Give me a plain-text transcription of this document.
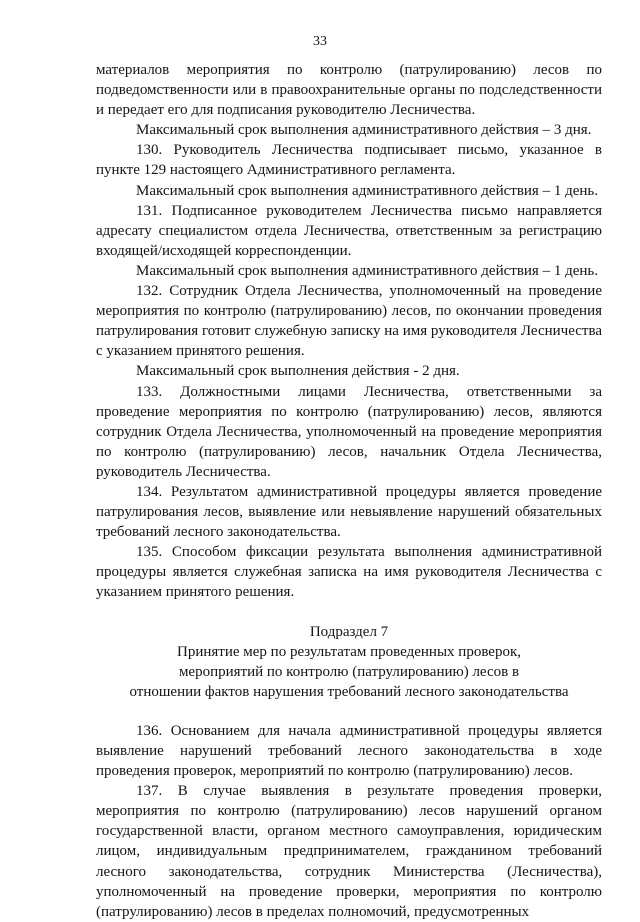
33

материалов мероприятия по контролю (патрулированию) лесов по подведомственности или в правоохранительные органы по подследственности и передает его для подписания руководителю Лесничества.

Максимальный срок выполнения административного действия – 3 дня.

130. Руководитель Лесничества подписывает письмо, указанное в пункте 129 настоящего Административного регламента.

Максимальный срок выполнения административного действия – 1 день.

131. Подписанное руководителем Лесничества письмо направляется адресату специалистом отдела Лесничества, ответственным за регистрацию входящей/исходящей корреспонденции.

Максимальный срок выполнения административного действия – 1 день.

132. Сотрудник Отдела Лесничества, уполномоченный на проведение мероприятия по контролю (патрулированию) лесов, по окончании проведения патрулирования готовит служебную записку на имя руководителя Лесничества с указанием принятого решения.

Максимальный срок выполнения действия - 2 дня.

133. Должностными лицами Лесничества, ответственными за проведение мероприятия по контролю (патрулированию) лесов, являются сотрудник Отдела Лесничества, уполномоченный на проведение мероприятия по контролю (патрулированию) лесов, начальник Отдела Лесничества, руководитель Лесничества.

134. Результатом административной процедуры является проведение патрулирования лесов, выявление или невыявление нарушений обязательных требований лесного законодательства.

135. Способом фиксации результата выполнения административной процедуры является служебная записка на имя руководителя Лесничества с указанием принятого решения.

Подраздел 7
Принятие мер по результатам проведенных проверок,
мероприятий по контролю (патрулированию) лесов в
отношении фактов нарушения требований лесного законодательства

136. Основанием для начала административной процедуры является выявление нарушений требований лесного законодательства в ходе проведения проверок, мероприятий по контролю (патрулированию) лесов.

137. В случае выявления в результате проведения проверки, мероприятия по контролю (патрулированию) лесов нарушений органом государственной власти, органом местного самоуправления, юридическим лицом, индивидуальным предпринимателем, гражданином требований лесного законодательства, сотрудник Министерства (Лесничества), уполномоченный на проведение проверки, мероприятия по контролю (патрулированию) лесов в пределах полномочий, предусмотренных
